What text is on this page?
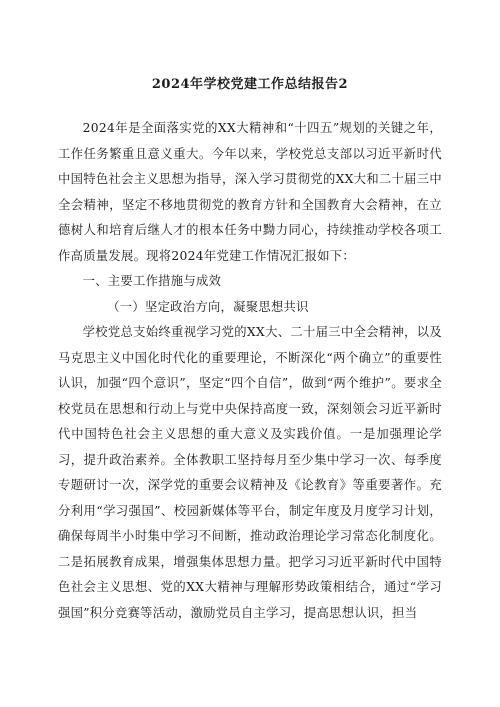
2024年学校党建工作总结报告2

2024年是全面落实党的XX大精神和“十四五”规划的关键之年，工作任务繁重且意义重大。今年以来，学校党总支部以习近平新时代中国特色社会主义思想为指导，深入学习贯彻党的XX大和二十届三中全会精神，坚定不移地贯彻党的教育方针和全国教育大会精神，在立德树人和培育后继人才的根本任务中黝力同心，持续推动学校各项工作高质量发展。现将2024年党建工作情况汇报如下：

一、主要工作措施与成效

（一）坚定政治方向，凝聚思想共识

学校党总支始终重视学习党的XX大、二十届三中全会精神，以及马克思主义中国化时代化的重要理论，不断深化“两个确立”的重要性认识，加强“四个意识”，坚定“四个自信”，做到“两个维护”。要求全校党员在思想和行动上与党中央保持高度一致，深刻领会习近平新时代中国特色社会主义思想的重大意义及实践价值。一是加强理论学习，提升政治素养。全体教职工坚持每月至少集中学习一次、每季度专题研讨一次，深学党的重要会议精神及《论教育》等重要著作。充分利用“学习强国”、校园新媒体等平台，制定年度及月度学习计划，确保每周半小时集中学习不间断，推动政治理论学习常态化制度化。二是拓展教育成果，增强集体思想力量。把学习习近平新时代中国特色社会主义思想、党的XX大精神与理解形势政策相结合，通过“学习强国”积分竞赛等活动，激励党员自主学习，提高思想认识，担当
